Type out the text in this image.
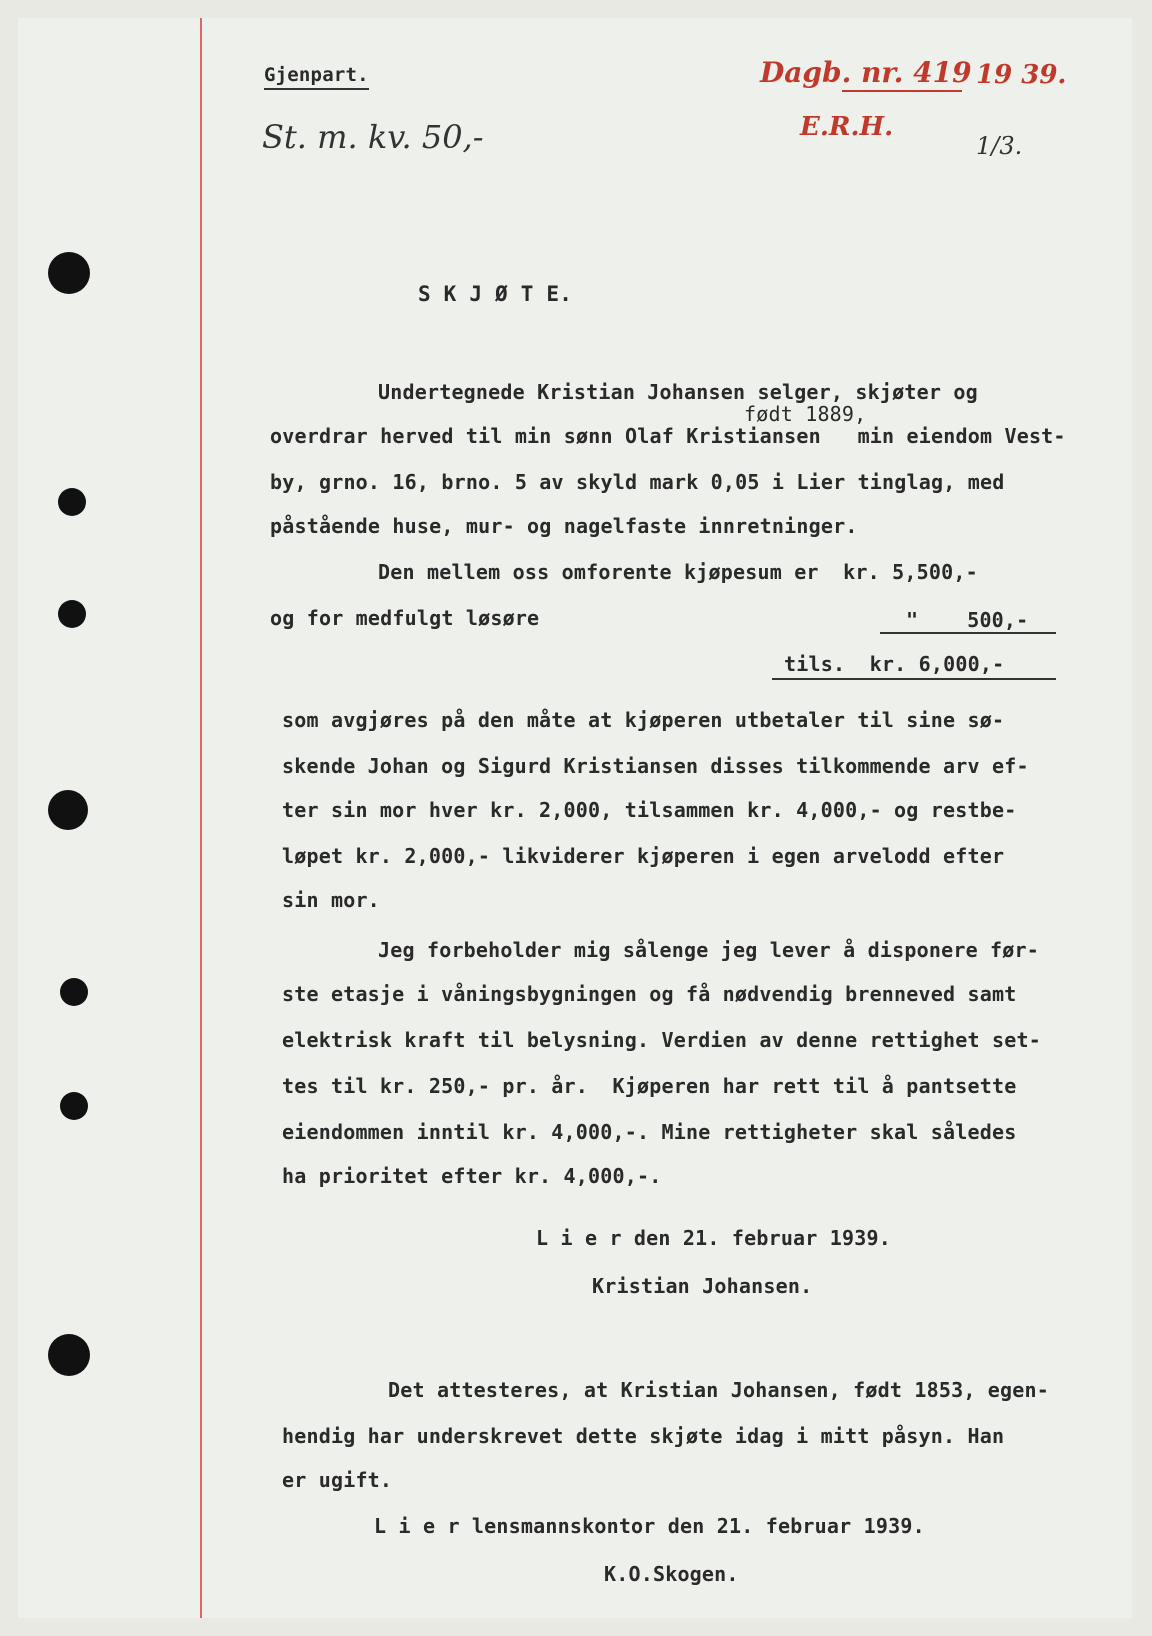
Gjenpart.
St. m. kv. 50,-
Dagb. nr. 419 19 39.
E.R.H.
1/3.
S K J Ø T E.
Undertegnede Kristian Johansen selger, skjøter og
født 1889,
overdrar herved til min sønn Olaf Kristiansen   min eiendom Vest-
by, grno. 16, brno. 5 av skyld mark 0,05 i Lier tinglag, med
påstående huse, mur- og nagelfaste innretninger.
Den mellem oss omforente kjøpesum er  kr. 5,500,-
og for medfulgt løsøre	"    500,-
tils.  kr. 6,000,-
som avgjøres på den måte at kjøperen utbetaler til sine sø-
skende Johan og Sigurd Kristiansen disses tilkommende arv ef-
ter sin mor hver kr. 2,000, tilsammen kr. 4,000,- og restbe-
løpet kr. 2,000,- likviderer kjøperen i egen arvelodd efter
sin mor.
Jeg forbeholder mig sålenge jeg lever å disponere før-
ste etasje i våningsbygningen og få nødvendig brenneved samt
elektrisk kraft til belysning. Verdien av denne rettighet set-
tes til kr. 250,- pr. år.  Kjøperen har rett til å pantsette
eiendommen inntil kr. 4,000,-. Mine rettigheter skal således
ha prioritet efter kr. 4,000,-.
L i e r den 21. februar 1939.
Kristian Johansen.
Det attesteres, at Kristian Johansen, født 1853, egen-
hendig har underskrevet dette skjøte idag i mitt påsyn. Han
er ugift.
L i e r lensmannskontor den 21. februar 1939.
K.O.Skogen.
